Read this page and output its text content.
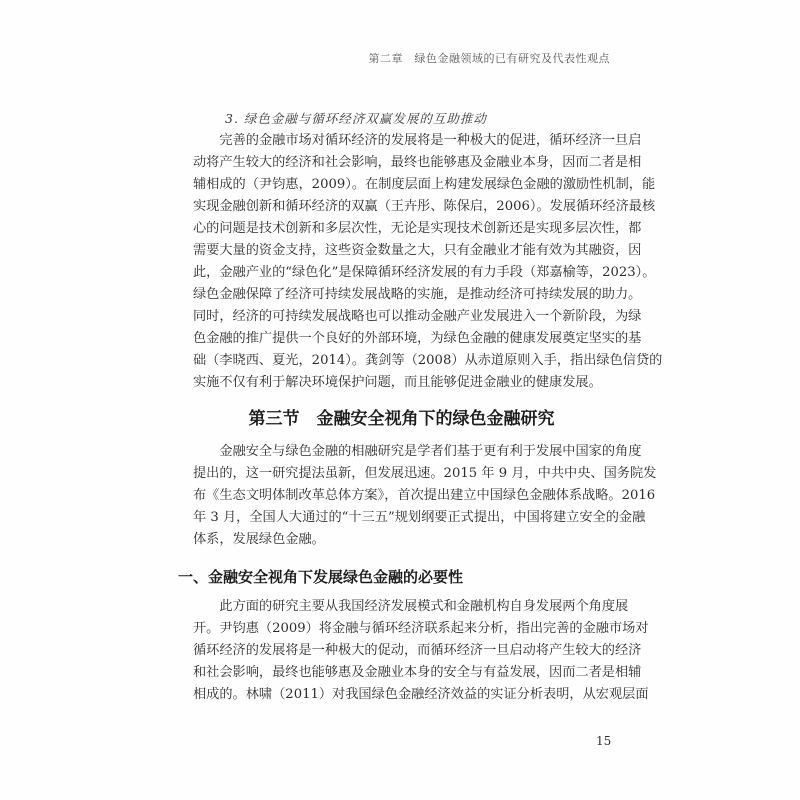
第二章　绿色金融领域的已有研究及代表性观点
3. 绿色金融与循环经济双赢发展的互助推动
完善的金融市场对循环经济的发展将是一种极大的促进，循环经济一旦启
动将产生较大的经济和社会影响，最终也能够惠及金融业本身，因而二者是相
辅相成的（尹钧惠，2009）。在制度层面上构建发展绿色金融的激励性机制，能
实现金融创新和循环经济的双赢（王卉彤、陈保启，2006）。发展循环经济最核
心的问题是技术创新和多层次性，无论是实现技术创新还是实现多层次性，都
需要大量的资金支持，这些资金数量之大，只有金融业才能有效为其融资，因
此，金融产业的“绿色化”是保障循环经济发展的有力手段（郑嘉榆等，2023）。
绿色金融保障了经济可持续发展战略的实施，是推动经济可持续发展的助力。
同时，经济的可持续发展战略也可以推动金融产业发展进入一个新阶段，为绿
色金融的推广提供一个良好的外部环境，为绿色金融的健康发展奠定坚实的基
础（李晓西、夏光，2014）。龚剑等（2008）从赤道原则入手，指出绿色信贷的
实施不仅有利于解决环境保护问题，而且能够促进金融业的健康发展。
第三节　金融安全视角下的绿色金融研究
金融安全与绿色金融的相融研究是学者们基于更有利于发展中国家的角度
提出的，这一研究提法虽新，但发展迅速。2015 年 9 月，中共中央、国务院发
布《生态文明体制改革总体方案》，首次提出建立中国绿色金融体系战略。2016
年 3 月，全国人大通过的“十三五”规划纲要正式提出，中国将建立安全的金融
体系，发展绿色金融。
一、金融安全视角下发展绿色金融的必要性
此方面的研究主要从我国经济发展模式和金融机构自身发展两个角度展
开。尹钧惠（2009）将金融与循环经济联系起来分析，指出完善的金融市场对
循环经济的发展将是一种极大的促动，而循环经济一旦启动将产生较大的经济
和社会影响，最终也能够惠及金融业本身的安全与有益发展，因而二者是相辅
相成的。林啸（2011）对我国绿色金融经济效益的实证分析表明，从宏观层面
15
